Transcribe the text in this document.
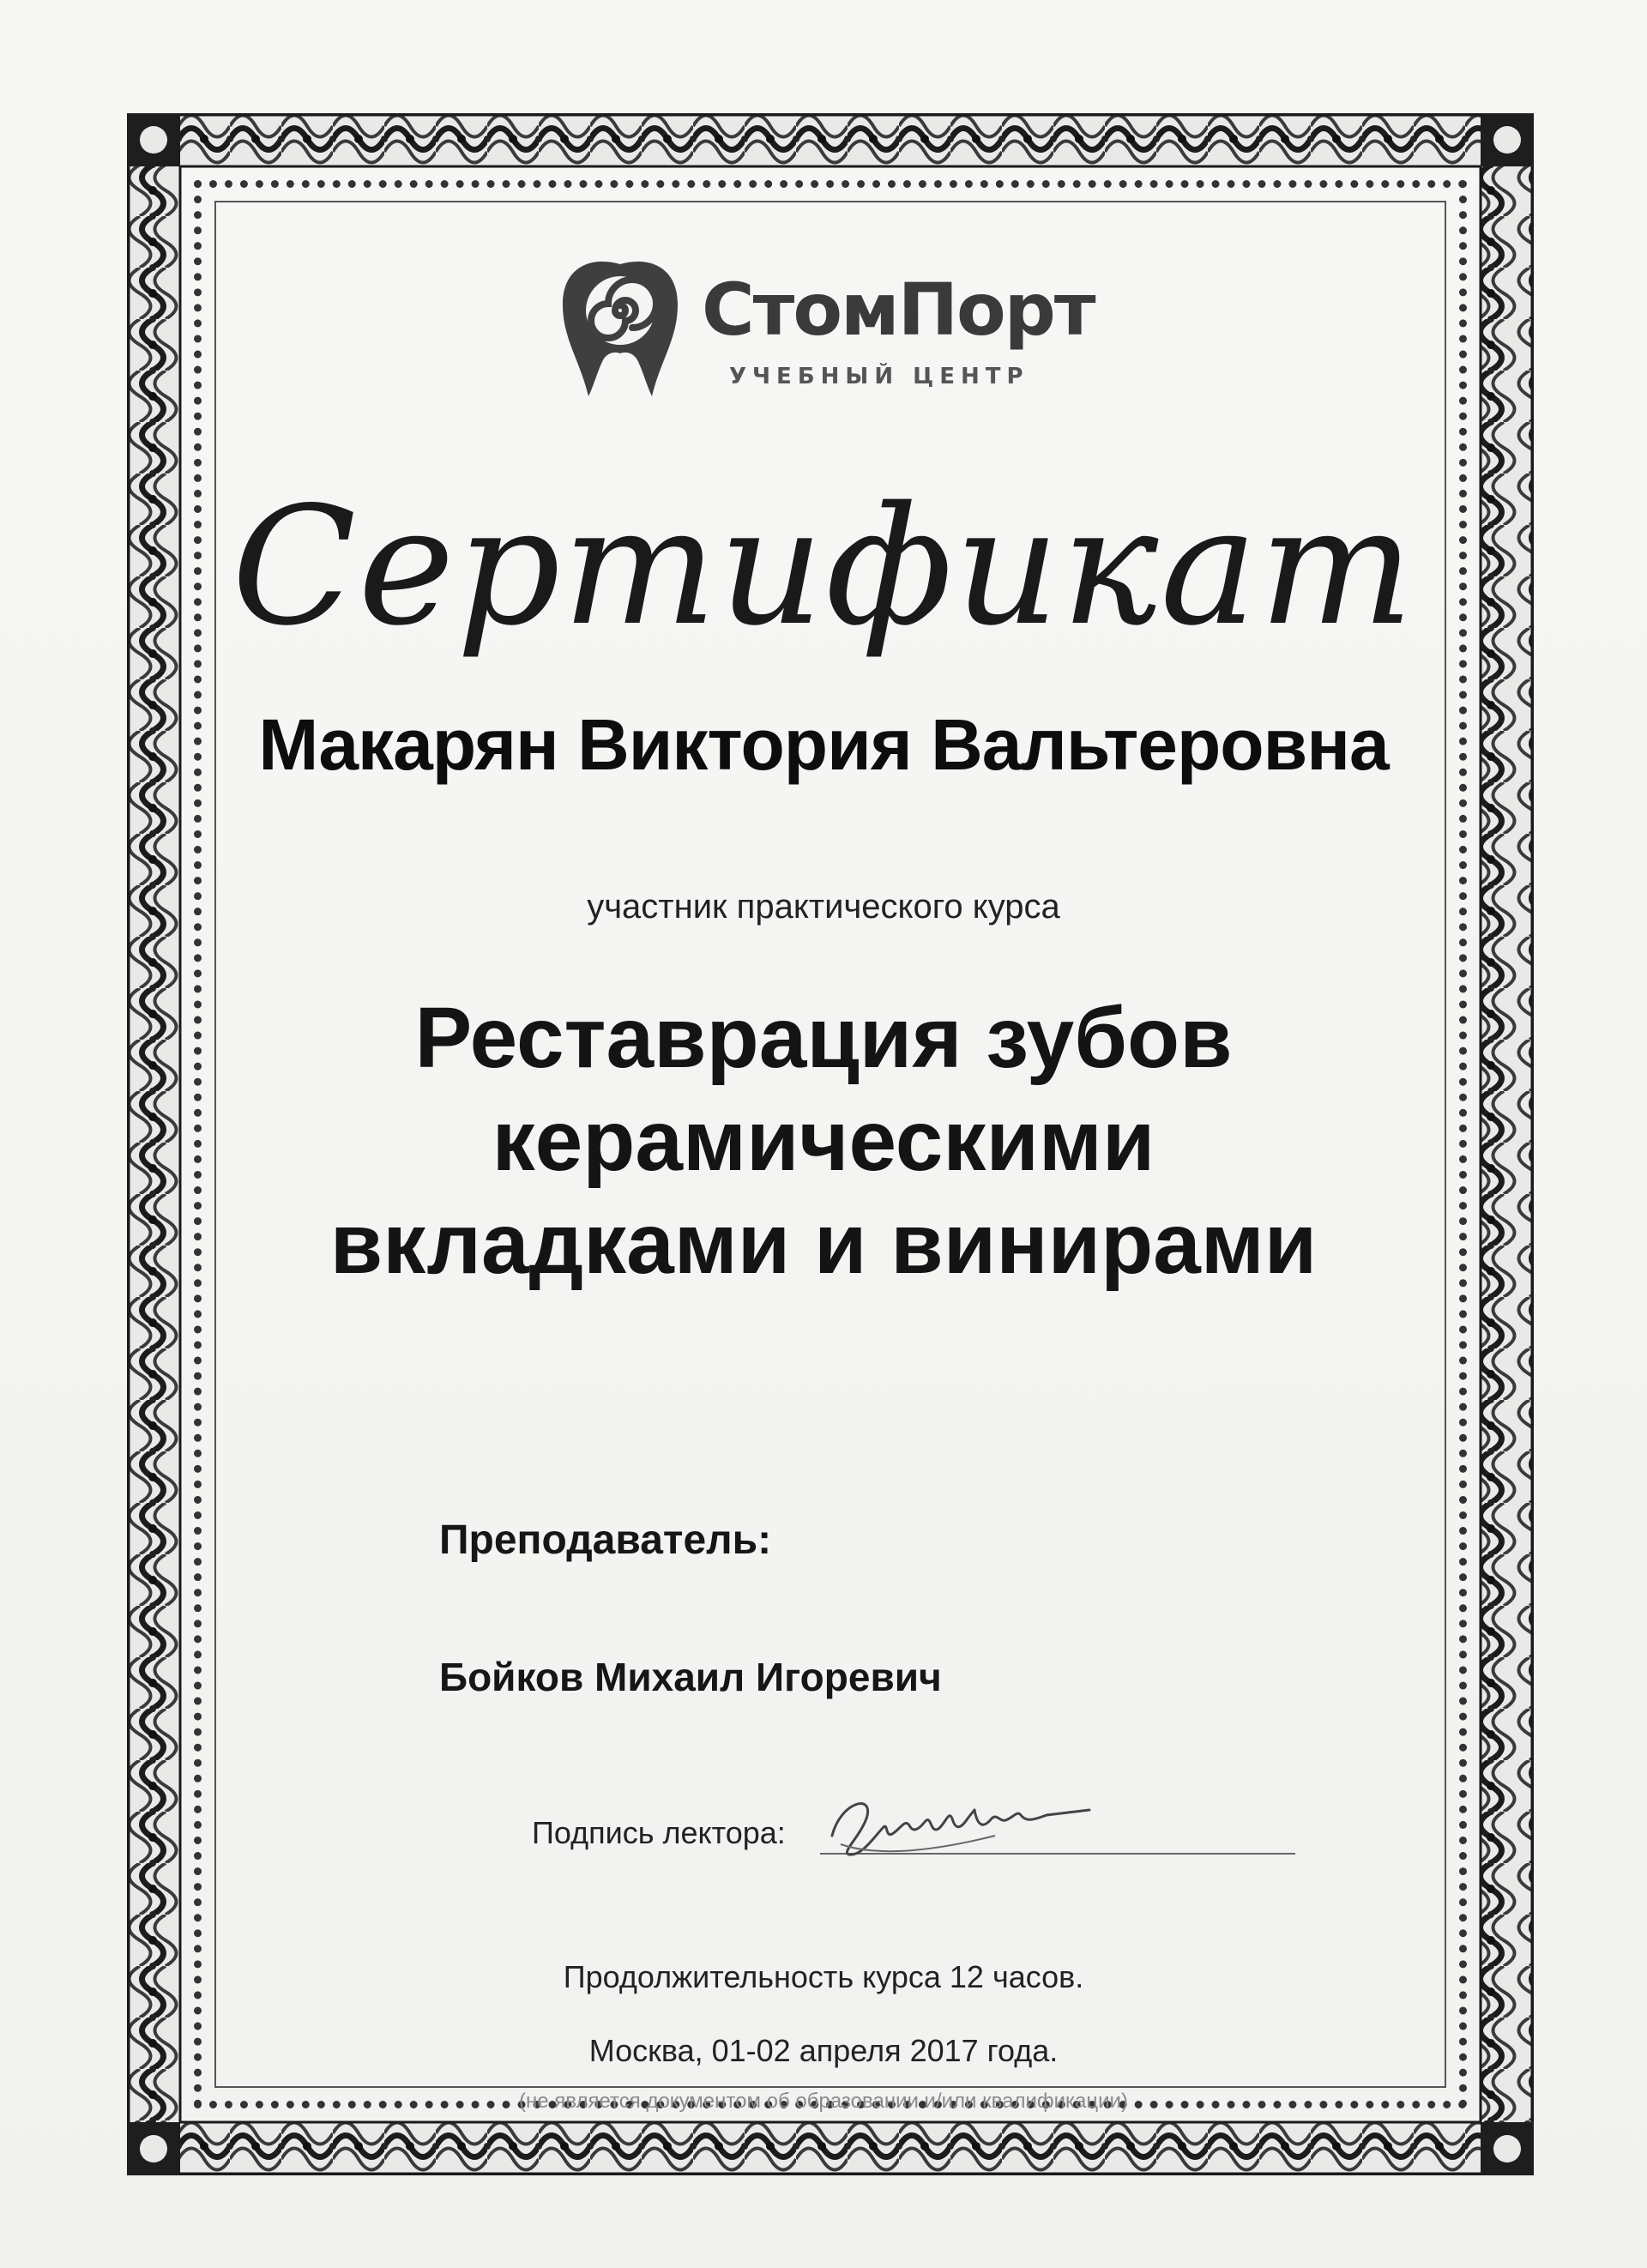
СтомПорт
УЧЕБНЫЙ ЦЕНТР
Сертификат
Макарян Виктория Вальтеровна
участник практического курса
Реставрация зубов
керамическими
вкладками и винирами
Преподаватель:
Бойков Михаил Игоревич
Подпись лектора:
Продолжительность курса 12 часов.
Москва, 01-02 апреля 2017 года.
(не является документом об образовании и/или квалификации)
